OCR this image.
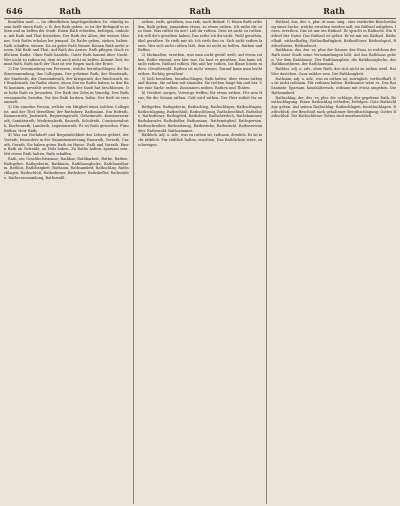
646	Rath	Rath	Rath

bezahlen muß. — Im öffentlichen Angelegenheiten Zu- ständig zu sein heißt einen Rath, z. B. den Rath geben, so ist der Befugniß in rathen und zu helfen der Stadt. Einen Rath ertheilen, befolgen, einholen; mit Rath und That beistehen. Der Rath der Alten, der weisen Männer. Sich Raths erholen bei jemand. Zu Rathe gehen, ziehen, halten. Rath schaffen, wissen. Da ist guter Rath theuer. Keinen Rath mehr wissen. Mit Rath und That. Auf Rath des Arztes. Rath pflegen. Nach reiflichem Rathe. Ohne Rath handeln. Guter Rath kommt über Nacht. Wer nicht zu rathen ist, dem ist auch nicht zu helfen. Kommt Zeit, kommt Rath. Rath nach der That ist wie Regen nach der Ernte.

2) Die Versammlung von Personen, welche berathschlagen; die Rathsversammlung, das Collegium. Der geheime Rath, der Staatsrath, der Stadtrath, der Gemeinderath, der Kriegsrath, der Reichsrath, der Bundesrath. Im Rathe sitzen, einen Sitz im Rathe haben; in den Rath kommen, gewählt werden. Der Rath der Stadt hat beschlossen. Der hohe Rath zu Jerusalem. Der Rath der Zehn in Venedig. Den Rath versammeln, berufen. Vor den Rath fordern, laden. Der Rath ist versammelt.

3) Die einzelne Person, welche ein Mitglied eines solchen Collegii ist, und der Titel derselben; der Rathsherr, Rathmann. Ein Hofrath, Kammerrath, Justizrath, Regierungsrath, Geheimrath, Kommerzienrath, Sanitätsrath, Medicinalrath, Baurath, Schulrath, Consistorialrath, Kirchenrath, Landrath, Legationsrath. Er ist Rath geworden. Frau Räthin. Herr Rath.

4) Was zur Nothdurft und Bequemlichkeit des Lebens gehört, der Vorrath; besonders in der Zusammensetzung Hausrath, Vorrath, Unrath, Gerath. Sie haben guten Rath im Hause. Rath und Vorrath. Einen Rath an Getreide, an Holz haben. Zu Rathe halten, sparsam sein. Mit etwas Rath halten. Rath schaffen.

Rath, ein Geschlechtsname; Rathbar, Rathbarkeit, Rathe, Rathen, Rathgeber, Rathgeberin, Rathhaus, Rathhausglocke, Rathhausthurm, Rathlos, Rathlosigkeit, Rathsam, Rathsamkeit, Rathschlag, Rathschlagen, Rathschluß, Rathsdiener, Rathsherr, Rathskeller, Rathsstube, Rathsversammlung, Rathswahl.

rathen, rieth, geräthen; von rath, nach Bedarf. 1) Einen Rath ertheilen, Rath geben; jemandem etwas, zu etwas rathen. Ich rathe dir, es zu thun. Was räthst du mir? Laß dir rathen. Dem ist nicht zu rathen. Ich will dir's gerathen haben. Das rathe ich dir nicht. Wohl gerathen, übel gerathen. Er rieth mir ab. Ich rieth ihm zu. Sich nicht rathen lassen. Wer sich nicht rathen läßt, dem ist nicht zu helfen. Rathen und Helfen.

2) Mutmaßen, errathen, was man nicht gewiß weiß; auf etwas rathen. Rathe einmal, wer hier war. Du hast es gerathen. Das kann ich nicht rathen. Räthsel rathen. Hin und her rathen. Ins Blaue hinein rathen. Gerathewohl. Rathen ist nicht wissen. Darauf kann man leicht rathen. Richtig gerathen!

3) Sich berathen, berathschlagen, Rath halten; über etwas rathen und thaten. Sie rathen mit einander. Sie riethen lange hin und her. Über eine Sache rathen. Zusammen rathen. Rathen und Thaten.

4) Veraltet: sorgen, Vorsorge treffen; für etwas rathen. Für sein Haus, für die Seinen rathen. Gott wird rathen. Der Herr rathet für uns.

Rathgeber, Rathgeberin, Rathschlag, Rathschläger, Rathschlagen, Rathschlagung, Rathschluß, Rathschlüssig, Rathsbeschluß, Rathsbote, Rathsdiener, Rathsglied, Rathsherr, Rathsherrlich, Rathskammer, Rathskanzlei, Rathskeller, Rathsmann, Rathsmitglied, Rathsperson, Rathsschreiber, Rathssitzung, Rathsstube, Rathsstuhl, Rathsverwandter, Rathswahl, Rathszimmer.

Räthlich, adj. u. adv., was zu rathen ist, rathsam, dienlich. Es ist nicht räthlich. Für räthlich halten, erachten. Das Räthlichste wäre, zu schweigen.

Räthsel, das, des -s, plur. ut nom. sing., eine verdeckte Beschreibung einer Sache, welche errathen werden soll; ein Räthsel aufgeben, lösen, errathen. Das ist mir ein Räthsel. Er spricht in Räthseln. Ein Räthsel der Natur. Das Räthsel ist gelöst. Er ist mir ein Räthsel. Räthselhaft, räthselhaftig, Räthselhaftigkeit, Räthsellöser, Räthselspiel, Räthselweise, Räthselwort.

Rathhaus, das, des -es, plur. die -häuser, das Haus, in welchem der Rath einer Stadt seine Versammlungen hält. Auf das Rathhaus gehen. Vor dem Rathhause. Der Rathhausplatz, die Rathhausglocke, der Rathhausthurm, der Rathhaussaal.

Rathlos, adj. u. adv., ohne Rath, der sich nicht zu rathen weiß. Rathlos dastehen. Ganz rathlos sein. Die Rathlosigkeit.

Rathsam, adj. u. adv., was zu rathen ist, zuträglich, vortheilhaft. Es ist nicht rathsam. Für rathsam halten. Rathsamer wäre es. Das Rathsamste. Sparsam, haushälterisch; rathsam mit etwas umgehen. Die Rathsamkeit.

Rathschlag, der, des -es, plur. die -schläge, der gegebene Rath, Berathschlagung. Einen Rathschlag ertheilen, befolgen. Gute Rathschläge geben. Auf seinen Rathschlag. Rathschlagen, berathschlagen. Rathschluß, der Beschluß nach gehaltener Berathschlagung; Gottes Rathschluß. Die Rathschlüsse Gottes sind unerforschlich.
